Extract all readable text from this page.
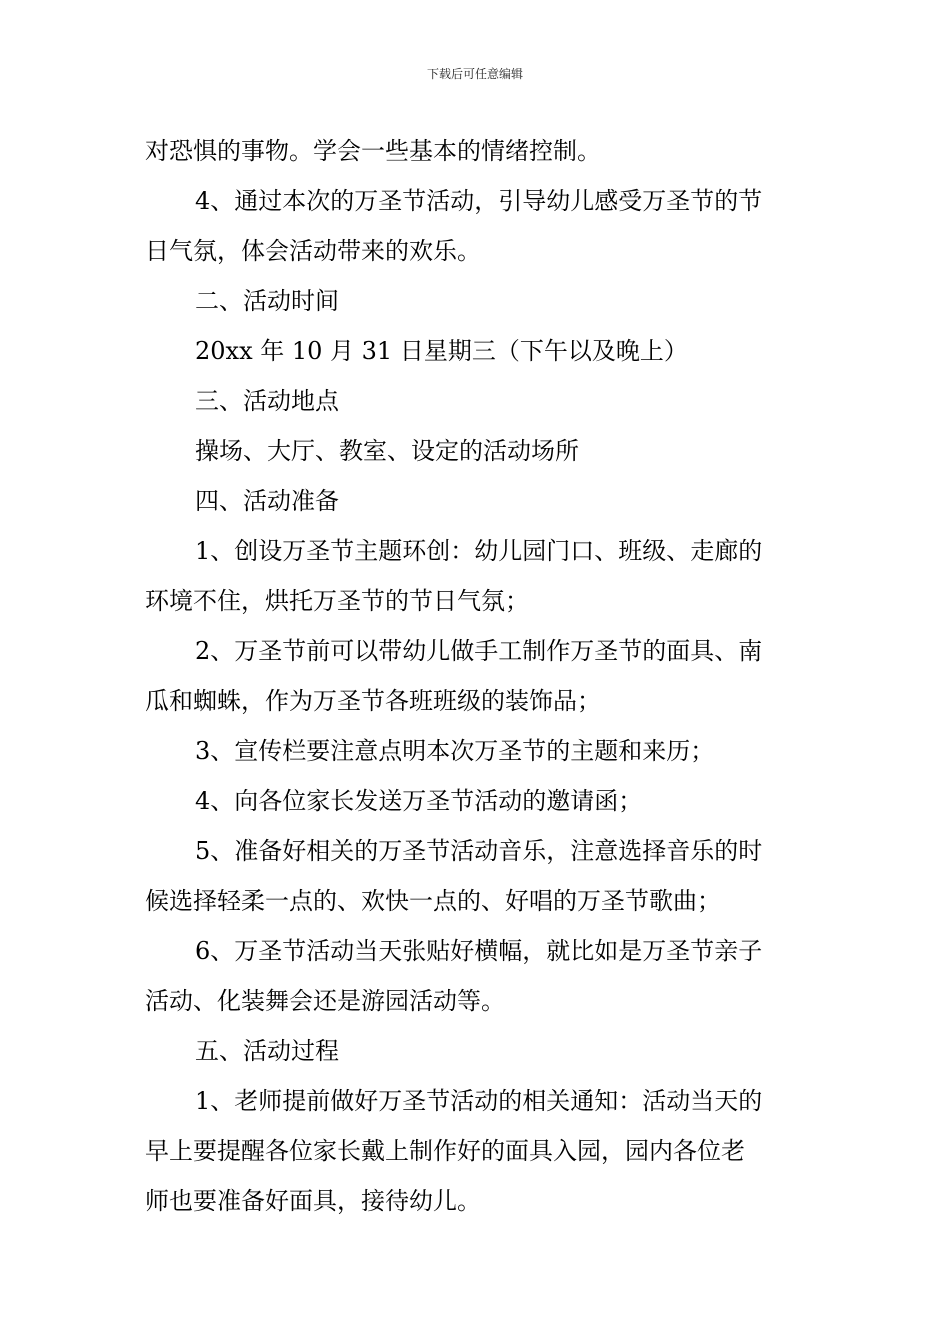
下载后可任意编辑
对恐惧的事物。学会一些基本的情绪控制。
4、通过本次的万圣节活动，引导幼儿感受万圣节的节
日气氛，体会活动带来的欢乐。
二、活动时间
20xx 年 10 月 31 日星期三（下午以及晚上）
三、活动地点
操场、大厅、教室、设定的活动场所
四、活动准备
1、创设万圣节主题环创：幼儿园门口、班级、走廊的
环境不住，烘托万圣节的节日气氛；
2、万圣节前可以带幼儿做手工制作万圣节的面具、南
瓜和蜘蛛，作为万圣节各班班级的装饰品；
3、宣传栏要注意点明本次万圣节的主题和来历；
4、向各位家长发送万圣节活动的邀请函；
5、准备好相关的万圣节活动音乐，注意选择音乐的时
候选择轻柔一点的、欢快一点的、好唱的万圣节歌曲；
6、万圣节活动当天张贴好横幅，就比如是万圣节亲子
活动、化装舞会还是游园活动等。
五、活动过程
1、老师提前做好万圣节活动的相关通知：活动当天的
早上要提醒各位家长戴上制作好的面具入园，园内各位老
师也要准备好面具，接待幼儿。
